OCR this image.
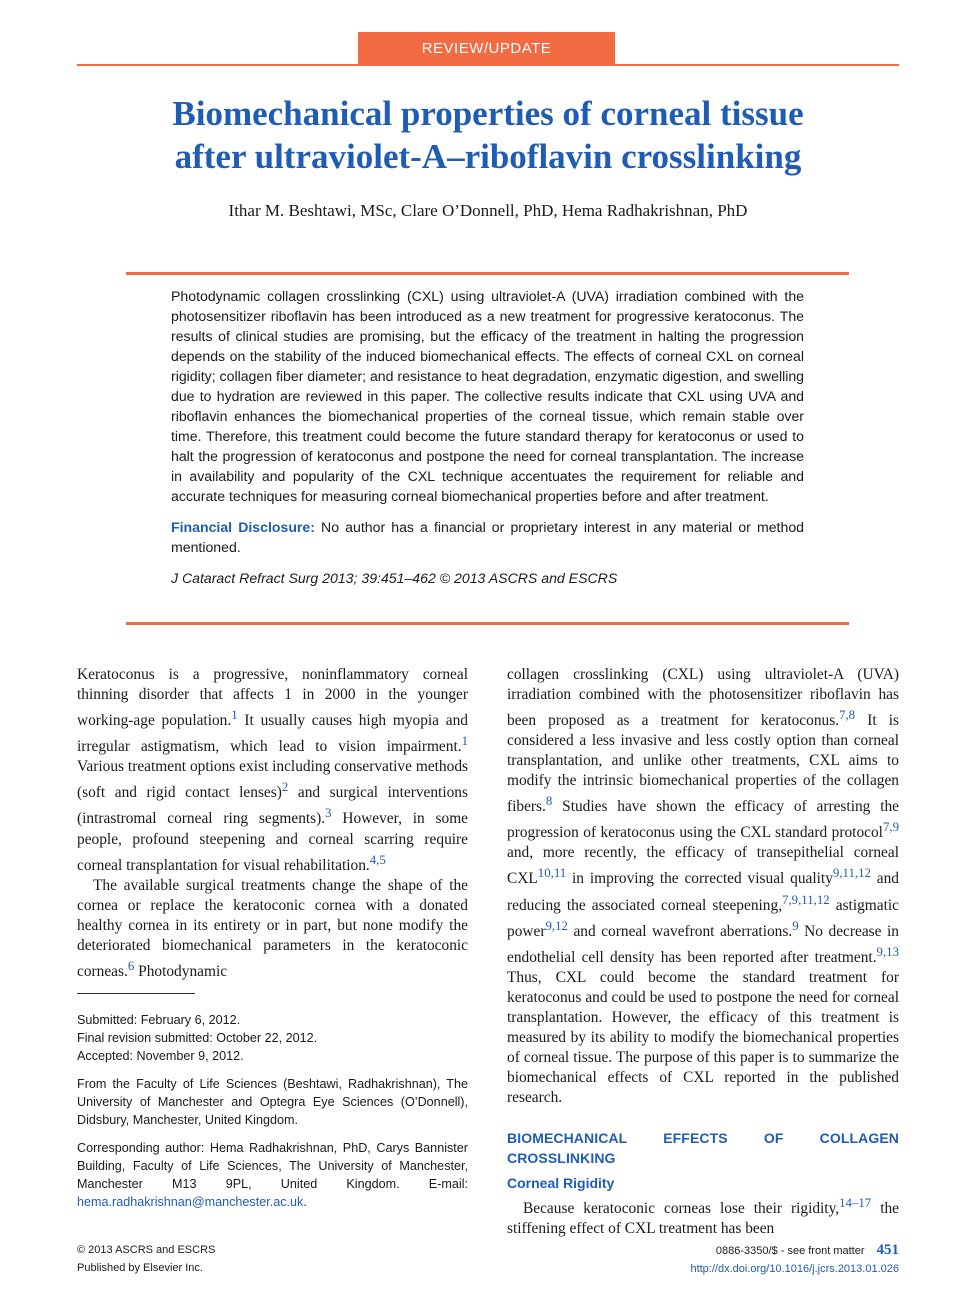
REVIEW/UPDATE
Biomechanical properties of corneal tissue
after ultraviolet-A–riboflavin crosslinking
Ithar M. Beshtawi, MSc, Clare O’Donnell, PhD, Hema Radhakrishnan, PhD

Photodynamic collagen crosslinking (CXL) using ultraviolet-A (UVA) irradiation combined with the photosensitizer riboflavin has been introduced as a new treatment for progressive keratoconus. The results of clinical studies are promising, but the efficacy of the treatment in halting the progression depends on the stability of the induced biomechanical effects. The effects of corneal CXL on corneal rigidity; collagen fiber diameter; and resistance to heat degradation, enzymatic digestion, and swelling due to hydration are reviewed in this paper. The collective results indicate that CXL using UVA and riboflavin enhances the biomechanical properties of the corneal tissue, which remain stable over time. Therefore, this treatment could become the future standard therapy for keratoconus or used to halt the progression of keratoconus and postpone the need for corneal transplantation. The increase in availability and popularity of the CXL technique accentuates the requirement for reliable and accurate techniques for measuring corneal biomechanical properties before and after treatment.

Financial Disclosure: No author has a financial or proprietary interest in any material or method mentioned.
J Cataract Refract Surg 2013; 39:451–462 © 2013 ASCRS and ESCRS

Keratoconus is a progressive, noninflammatory corneal thinning disorder that affects 1 in 2000 in the younger working-age population.$^1$ It usually causes high myopia and irregular astigmatism, which lead to vision impairment.$^1$ Various treatment options exist including conservative methods (soft and rigid contact lenses)$^2$ and surgical interventions (intrastromal corneal ring segments).$^3$ However, in some people, profound steepening and corneal scarring require corneal transplantation for visual rehabilitation.$^{4,5}$

The available surgical treatments change the shape of the cornea or replace the keratoconic cornea with a donated healthy cornea in its entirety or in part, but none modify the deteriorated biomechanical parameters in the keratoconic corneas.$^6$ Photodynamic

Submitted: February 6, 2012.
Final revision submitted: October 22, 2012.
Accepted: November 9, 2012.
From the Faculty of Life Sciences (Beshtawi, Radhakrishnan), The University of Manchester and Optegra Eye Sciences (O’Donnell), Didsbury, Manchester, United Kingdom.
Corresponding author: Hema Radhakrishnan, PhD, Carys Bannister Building, Faculty of Life Sciences, The University of Manchester, Manchester M13 9PL, United Kingdom. E-mail: hema.radhakrishnan@manchester.ac.uk.

collagen crosslinking (CXL) using ultraviolet-A (UVA) irradiation combined with the photosensitizer riboflavin has been proposed as a treatment for keratoconus.$^{7,8}$ It is considered a less invasive and less costly option than corneal transplantation, and unlike other treatments, CXL aims to modify the intrinsic biomechanical properties of the collagen fibers.$^8$ Studies have shown the efficacy of arresting the progression of keratoconus using the CXL standard protocol$^{7,9}$ and, more recently, the efficacy of transepithelial corneal CXL$^{10,11}$ in improving the corrected visual quality$^{9,11,12}$ and reducing the associated corneal steepening,$^{7,9,11,12}$ astigmatic power$^{9,12}$ and corneal wavefront aberrations.$^9$ No decrease in endothelial cell density has been reported after treatment.$^{9,13}$ Thus, CXL could become the standard treatment for keratoconus and could be used to postpone the need for corneal transplantation. However, the efficacy of this treatment is measured by its ability to modify the biomechanical properties of corneal tissue. The purpose of this paper is to summarize the biomechanical effects of CXL reported in the published research.

BIOMECHANICAL EFFECTS OF COLLAGEN CROSSLINKING
Corneal Rigidity

Because keratoconic corneas lose their rigidity,$^{14-17}$ the stiffening effect of CXL treatment has been

© 2013 ASCRS and ESCRS
Published by Elsevier Inc.
0886-3350/$ - see front matter 451
http://dx.doi.org/10.1016/j.jcrs.2013.01.026
